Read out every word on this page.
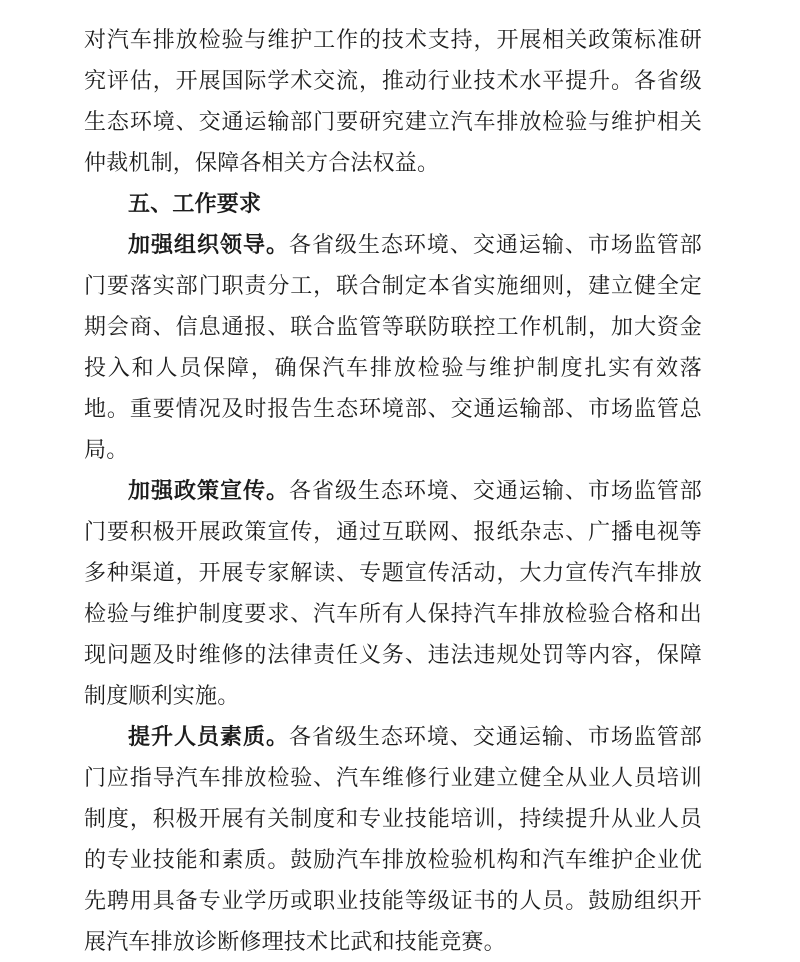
对汽车排放检验与维护工作的技术支持，开展相关政策标准研究评估，开展国际学术交流，推动行业技术水平提升。各省级生态环境、交通运输部门要研究建立汽车排放检验与维护相关仲裁机制，保障各相关方合法权益。

五、工作要求

加强组织领导。各省级生态环境、交通运输、市场监管部门要落实部门职责分工，联合制定本省实施细则，建立健全定期会商、信息通报、联合监管等联防联控工作机制，加大资金投入和人员保障，确保汽车排放检验与维护制度扎实有效落地。重要情况及时报告生态环境部、交通运输部、市场监管总局。

加强政策宣传。各省级生态环境、交通运输、市场监管部门要积极开展政策宣传，通过互联网、报纸杂志、广播电视等多种渠道，开展专家解读、专题宣传活动，大力宣传汽车排放检验与维护制度要求、汽车所有人保持汽车排放检验合格和出现问题及时维修的法律责任义务、违法违规处罚等内容，保障制度顺利实施。

提升人员素质。各省级生态环境、交通运输、市场监管部门应指导汽车排放检验、汽车维修行业建立健全从业人员培训制度，积极开展有关制度和专业技能培训，持续提升从业人员的专业技能和素质。鼓励汽车排放检验机构和汽车维护企业优先聘用具备专业学历或职业技能等级证书的人员。鼓励组织开展汽车排放诊断修理技术比武和技能竞赛。
